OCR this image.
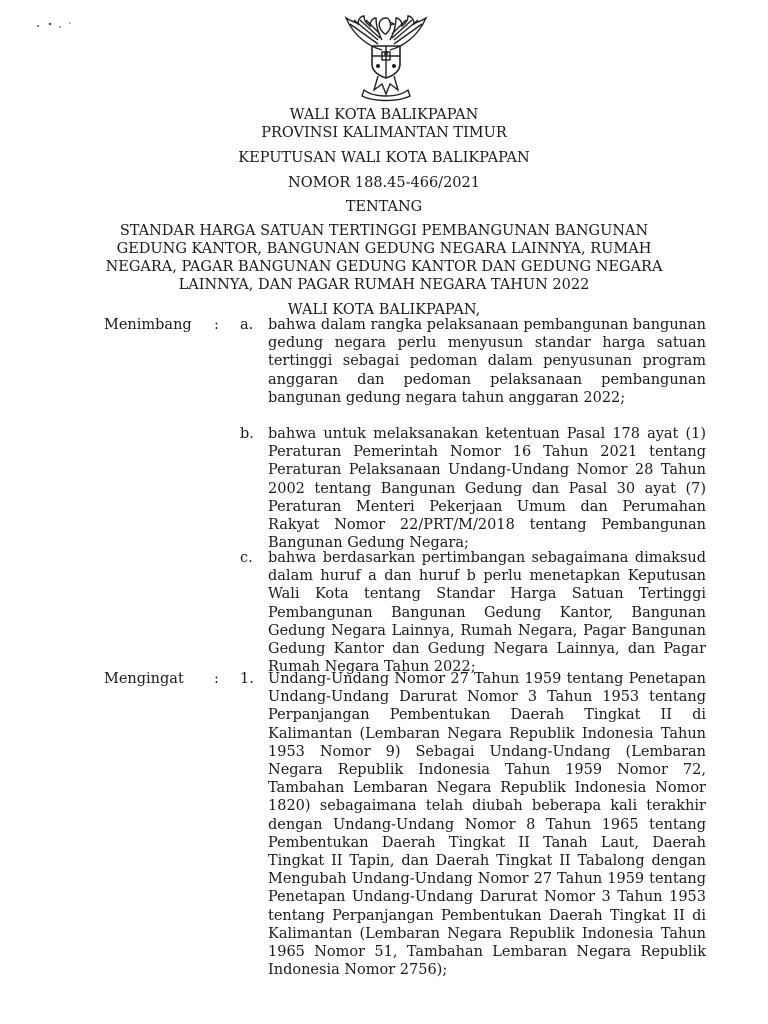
WALI KOTA BALIKPAPAN
PROVINSI KALIMANTAN TIMUR
KEPUTUSAN WALI KOTA BALIKPAPAN
NOMOR 188.45-466/2021
TENTANG
STANDAR HARGA SATUAN TERTINGGI PEMBANGUNAN BANGUNAN
GEDUNG KANTOR, BANGUNAN GEDUNG NEGARA LAINNYA, RUMAH
NEGARA, PAGAR BANGUNAN GEDUNG KANTOR DAN GEDUNG NEGARA
LAINNYA, DAN PAGAR RUMAH NEGARA TAHUN 2022
WALI KOTA BALIKPAPAN,
Menimbang : a. bahwa dalam rangka pelaksanaan pembangunan bangunan gedung negara perlu menyusun standar harga satuan tertinggi sebagai pedoman dalam penyusunan program anggaran dan pedoman pelaksanaan pembangunan bangunan gedung negara tahun anggaran 2022;
b. bahwa untuk melaksanakan ketentuan Pasal 178 ayat (1) Peraturan Pemerintah Nomor 16 Tahun 2021 tentang Peraturan Pelaksanaan Undang-Undang Nomor 28 Tahun 2002 tentang Bangunan Gedung dan Pasal 30 ayat (7) Peraturan Menteri Pekerjaan Umum dan Perumahan Rakyat Nomor 22/PRT/M/2018 tentang Pembangunan Bangunan Gedung Negara;
c. bahwa berdasarkan pertimbangan sebagaimana dimaksud dalam huruf a dan huruf b perlu menetapkan Keputusan Wali Kota tentang Standar Harga Satuan Tertinggi Pembangunan Bangunan Gedung Kantor, Bangunan Gedung Negara Lainnya, Rumah Negara, Pagar Bangunan Gedung Kantor dan Gedung Negara Lainnya, dan Pagar Rumah Negara Tahun 2022;
Mengingat : 1. Undang-Undang Nomor 27 Tahun 1959 tentang Penetapan Undang-Undang Darurat Nomor 3 Tahun 1953 tentang Perpanjangan Pembentukan Daerah Tingkat II di Kalimantan (Lembaran Negara Republik Indonesia Tahun 1953 Nomor 9) Sebagai Undang-Undang (Lembaran Negara Republik Indonesia Tahun 1959 Nomor 72, Tambahan Lembaran Negara Republik Indonesia Nomor 1820) sebagaimana telah diubah beberapa kali terakhir dengan Undang-Undang Nomor 8 Tahun 1965 tentang Pembentukan Daerah Tingkat II Tanah Laut, Daerah Tingkat II Tapin, dan Daerah Tingkat II Tabalong dengan Mengubah Undang-Undang Nomor 27 Tahun 1959 tentang Penetapan Undang-Undang Darurat Nomor 3 Tahun 1953 tentang Perpanjangan Pembentukan Daerah Tingkat II di Kalimantan (Lembaran Negara Republik Indonesia Tahun 1965 Nomor 51, Tambahan Lembaran Negara Republik Indonesia Nomor 2756);
